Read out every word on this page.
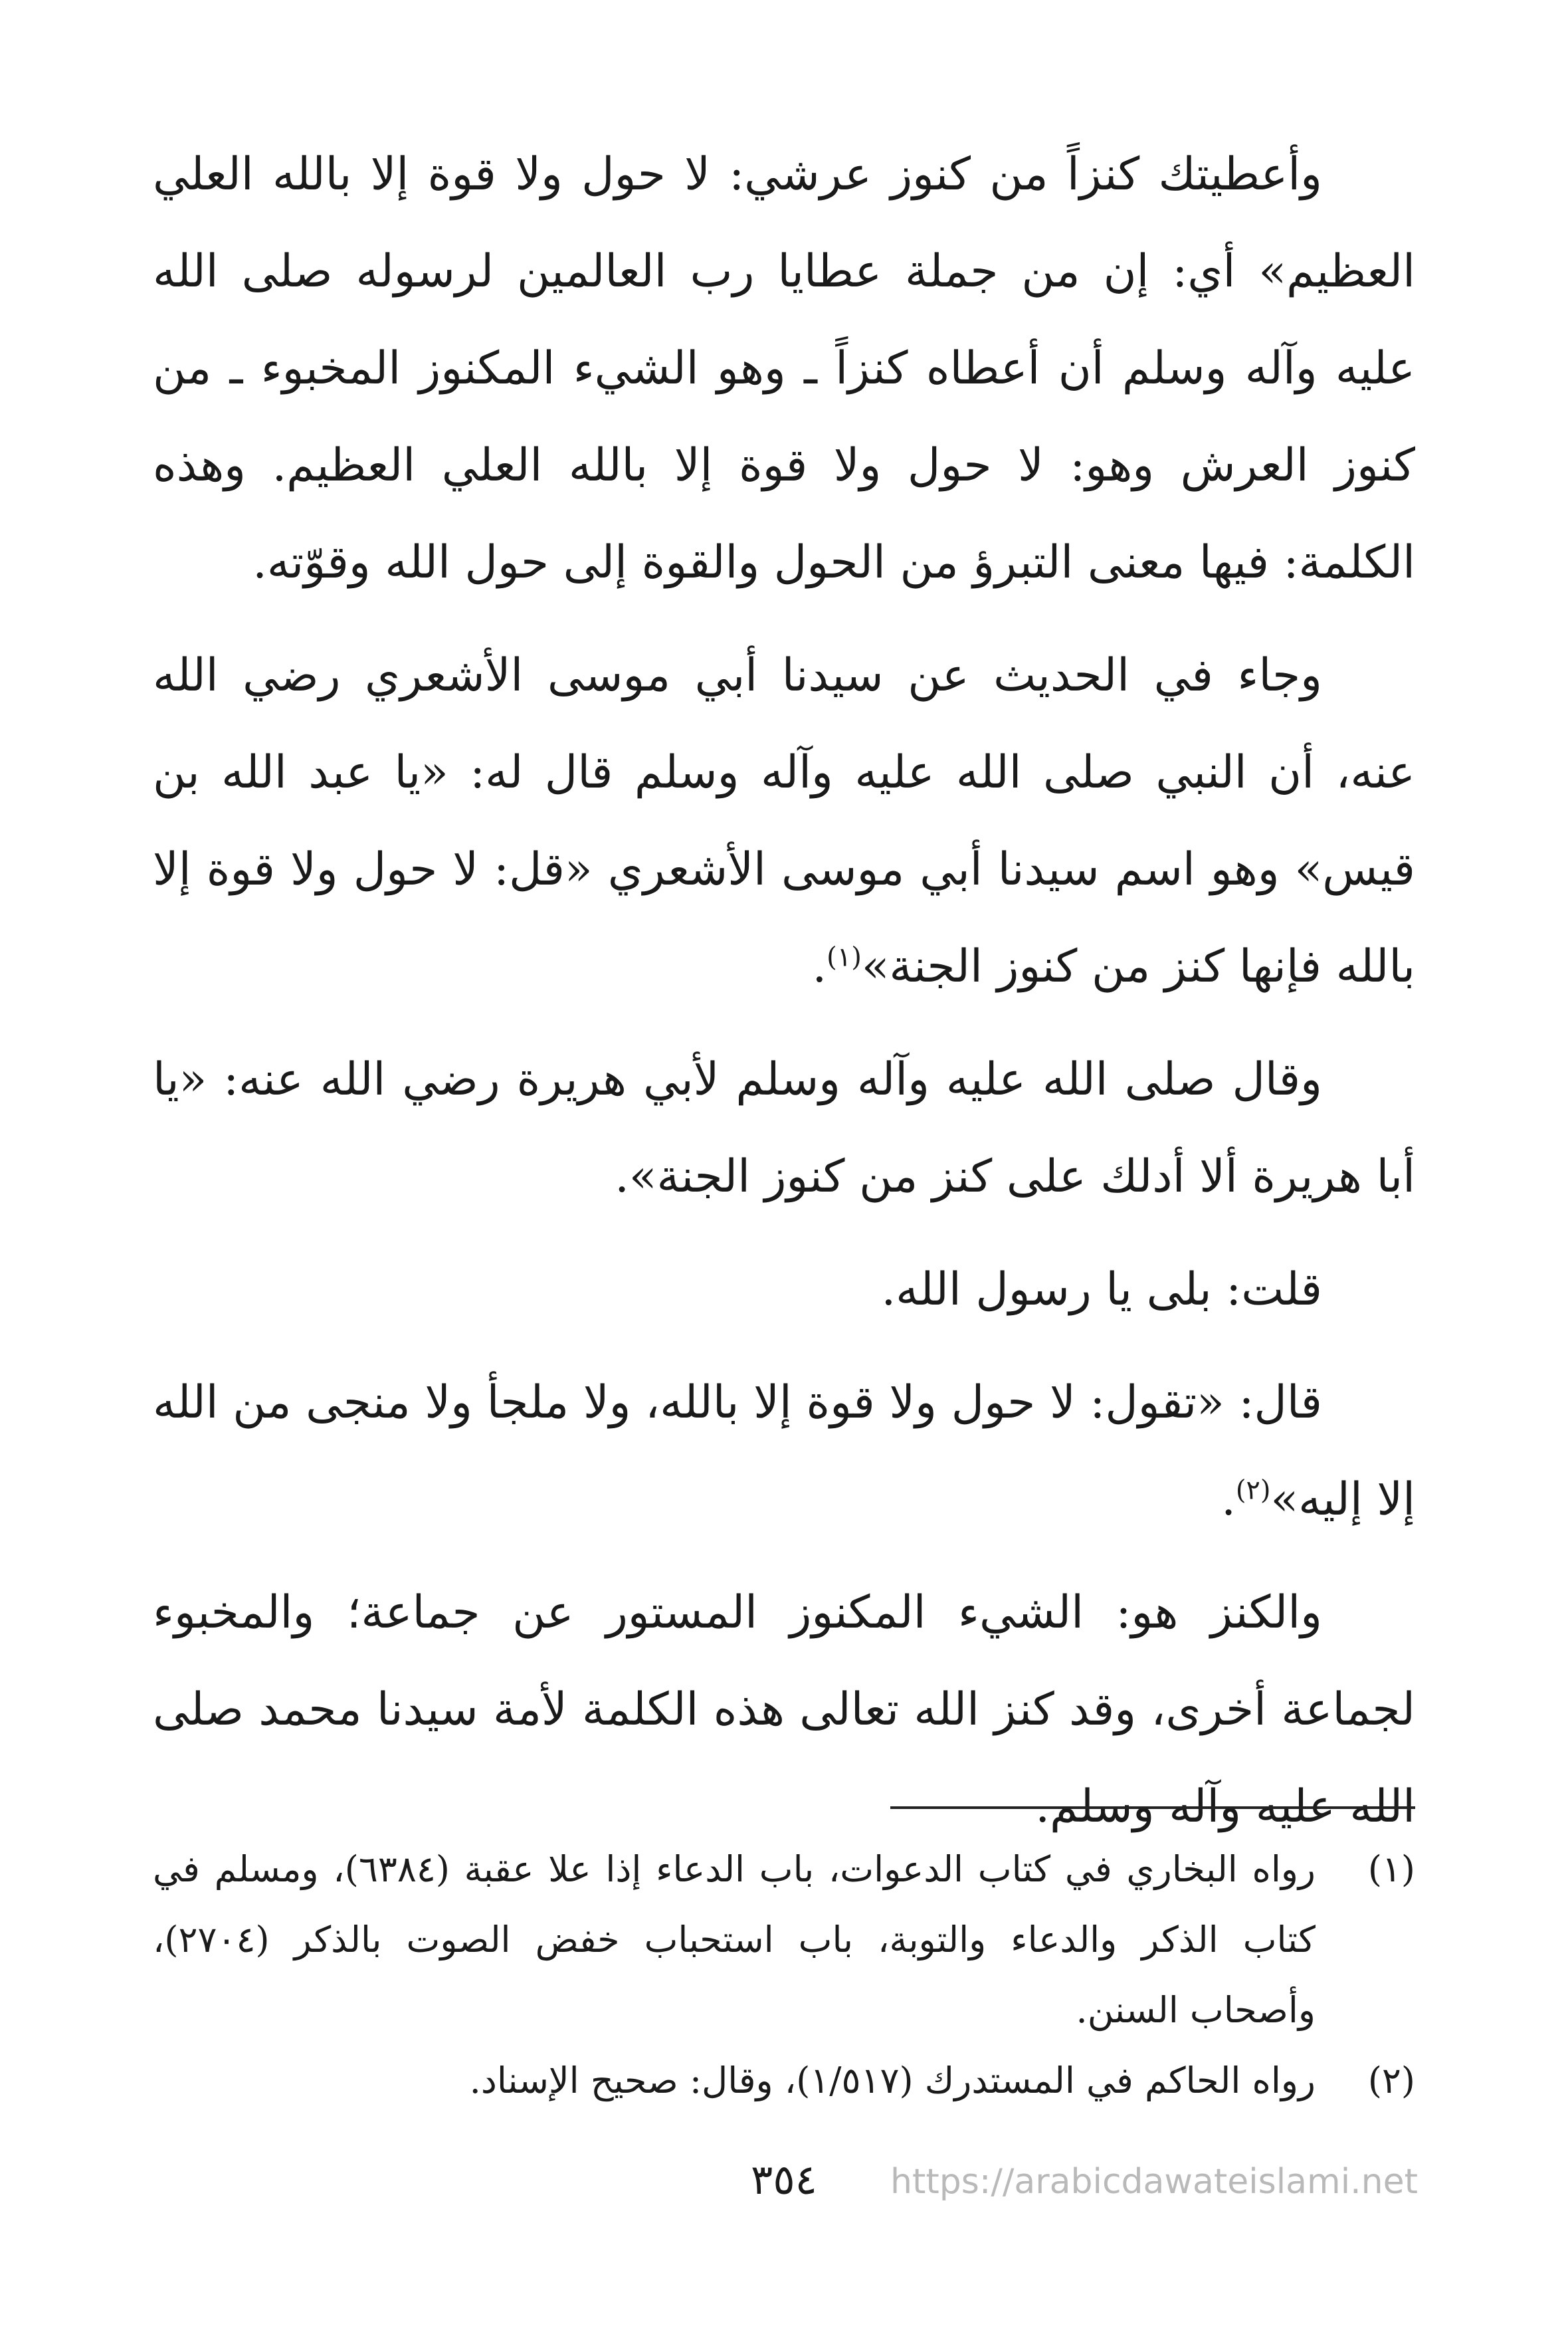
وأعطيتك كنزاً من كنوز عرشي: لا حول ولا قوة إلا بالله العلي العظيم» أي: إن من جملة عطايا رب العالمين لرسوله صلى الله عليه وآله وسلم أن أعطاه كنزاً ـ وهو الشيء المكنوز المخبوء ـ من كنوز العرش وهو: لا حول ولا قوة إلا بالله العلي العظيم. وهذه الكلمة: فيها معنى التبرؤ من الحول والقوة إلى حول الله وقوّته.

وجاء في الحديث عن سيدنا أبي موسى الأشعري رضي الله عنه، أن النبي صلى الله عليه وآله وسلم قال له: «يا عبد الله بن قيس» وهو اسم سيدنا أبي موسى الأشعري «قل: لا حول ولا قوة إلا بالله فإنها كنز من كنوز الجنة»$^{(١)}$.

وقال صلى الله عليه وآله وسلم لأبي هريرة رضي الله عنه: «يا أبا هريرة ألا أدلك على كنز من كنوز الجنة».

قلت: بلى يا رسول الله.

قال: «تقول: لا حول ولا قوة إلا بالله، ولا ملجأ ولا منجى من الله إلا إليه»$^{(٢)}$.

والكنز هو: الشيء المكنوز المستور عن جماعة؛ والمخبوء لجماعة أخرى، وقد كنز الله تعالى هذه الكلمة لأمة سيدنا محمد صلى الله عليه وآله وسلم.

(١)
رواه البخاري في كتاب الدعوات، باب الدعاء إذا علا عقبة (٦٣٨٤)، ومسلم في كتاب الذكر والدعاء والتوبة، باب استحباب خفض الصوت بالذكر (٢٧٠٤)، وأصحاب السنن.
(٢)
رواه الحاكم في المستدرك (١/٥١٧)، وقال: صحيح الإسناد.
٣٥٤	https://arabicdawateislami.net
